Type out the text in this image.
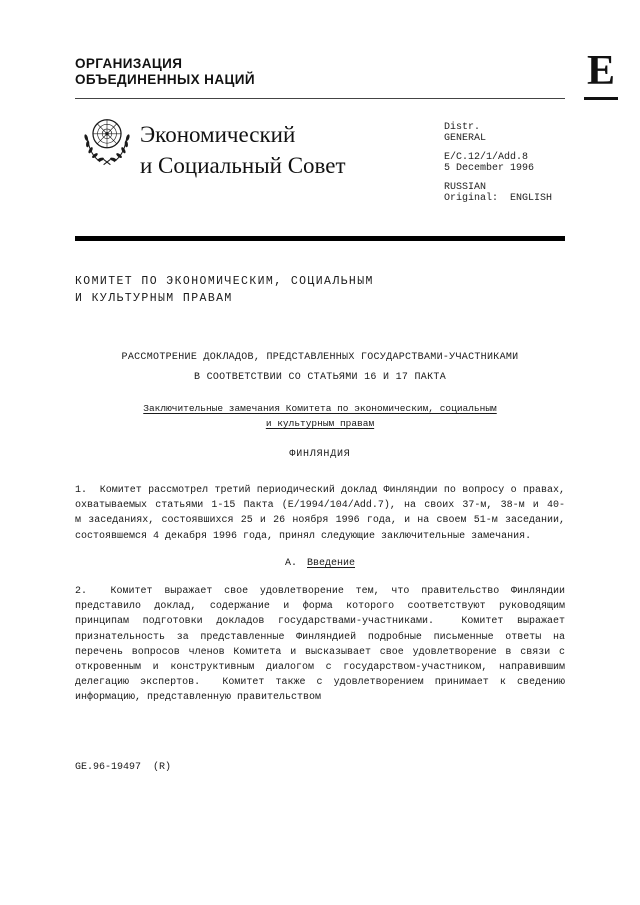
ОРГАНИЗАЦИЯ
ОБЪЕДИНЕННЫХ НАЦИЙ	E
Экономический
и Социальный Совет
Distr.
GENERAL
E/C.12/1/Add.8
5 December 1996
RUSSIAN
Original:  ENGLISH
КОМИТЕТ ПО ЭКОНОМИЧЕСКИМ, СОЦИАЛЬНЫМ
И КУЛЬТУРНЫМ ПРАВАМ
РАССМОТРЕНИЕ ДОКЛАДОВ, ПРЕДСТАВЛЕННЫХ ГОСУДАРСТВАМИ-УЧАСТНИКАМИ
В СООТВЕТСТВИИ СО СТАТЬЯМИ 16 И 17 ПАКТА
Заключительные замечания Комитета по экономическим, социальным
и культурным правам
ФИНЛЯНДИЯ
1.  Комитет рассмотрел третий периодический доклад Финляндии по вопросу о правах, охватываемых статьями 1-15 Пакта (E/1994/104/Add.7), на своих 37-м, 38-м и 40-м заседаниях, состоявшихся 25 и 26 ноября 1996 года, и на своем 51-м заседании, состоявшемся 4 декабря 1996 года, принял следующие заключительные замечания.
A. Введение
2.  Комитет выражает свое удовлетворение тем, что правительство Финляндии представило доклад, содержание и форма которого соответствуют руководящим принципам подготовки докладов государствами-участниками.  Комитет выражает признательность за представленные Финляндией подробные письменные ответы на перечень вопросов членов Комитета и высказывает свое удовлетворение в связи с откровенным и конструктивным диалогом с государством-участником, направившим делегацию экспертов.  Комитет также с удовлетворением принимает к сведению информацию, представленную правительством
GE.96-19497  (R)
